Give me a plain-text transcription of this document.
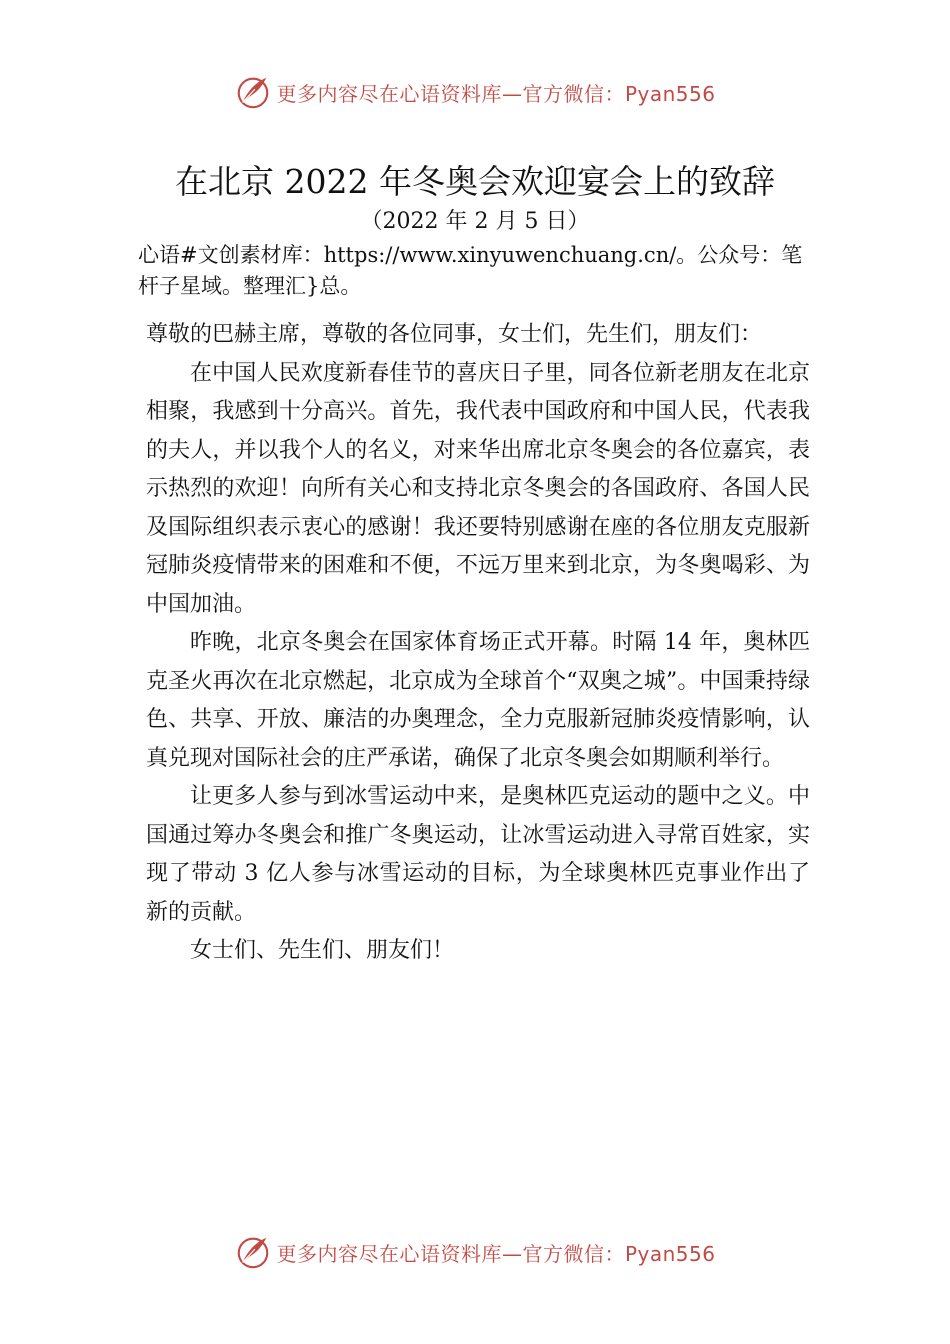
更多内容尽在心语资料库—官方微信：Pyan556
在北京 2022 年冬奥会欢迎宴会上的致辞
（2022 年 2 月 5 日）
心语#文创素材库：https://www.xinyuwenchuang.cn/。公众号：笔杆子星域。整理汇}总。

尊敬的巴赫主席，尊敬的各位同事，女士们，先生们，朋友们：

在中国人民欢度新春佳节的喜庆日子里，同各位新老朋友在北京相聚，我感到十分高兴。首先，我代表中国政府和中国人民，代表我的夫人，并以我个人的名义，对来华出席北京冬奥会的各位嘉宾，表示热烈的欢迎！向所有关心和支持北京冬奥会的各国政府、各国人民及国际组织表示衷心的感谢！我还要特别感谢在座的各位朋友克服新冠肺炎疫情带来的困难和不便，不远万里来到北京，为冬奥喝彩、为中国加油。

昨晚，北京冬奥会在国家体育场正式开幕。时隔 14 年，奥林匹克圣火再次在北京燃起，北京成为全球首个“双奥之城”。中国秉持绿色、共享、开放、廉洁的办奥理念，全力克服新冠肺炎疫情影响，认真兑现对国际社会的庄严承诺，确保了北京冬奥会如期顺利举行。

让更多人参与到冰雪运动中来，是奥林匹克运动的题中之义。中国通过筹办冬奥会和推广冬奥运动，让冰雪运动进入寻常百姓家，实现了带动 3 亿人参与冰雪运动的目标，为全球奥林匹克事业作出了新的贡献。

女士们、先生们、朋友们！

更多内容尽在心语资料库—官方微信：Pyan556
